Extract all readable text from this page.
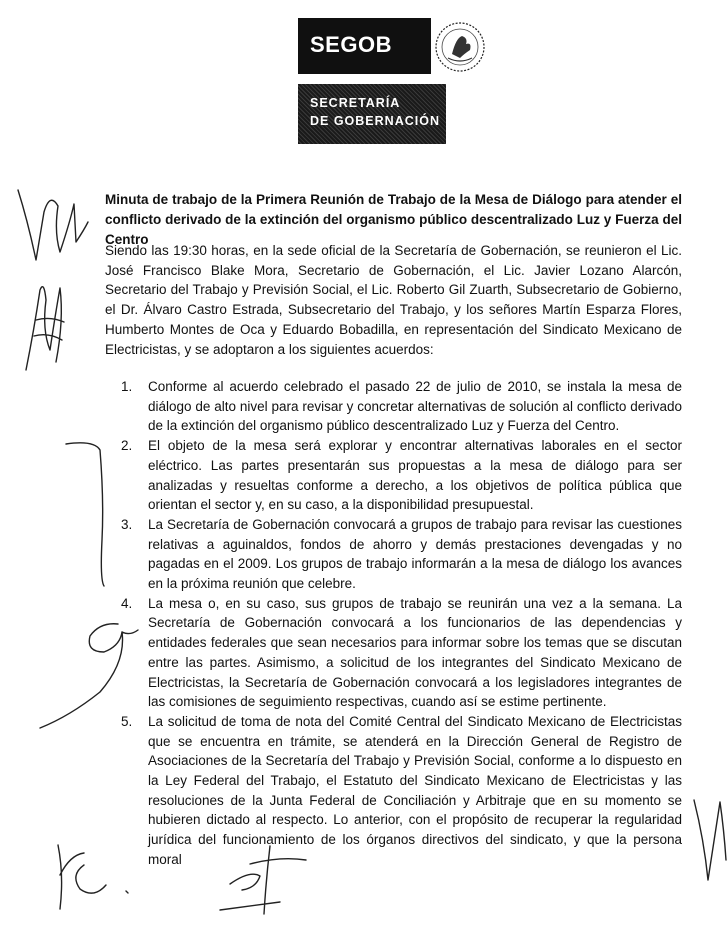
SEGOB
SECRETARÍA
DE GOBERNACIÓN

Minuta de trabajo de la Primera Reunión de Trabajo de la Mesa de Diálogo para atender el conflicto derivado de la extinción del organismo público descentralizado Luz y Fuerza del Centro

Siendo las 19:30 horas, en la sede oficial de la Secretaría de Gobernación, se reunieron el Lic. José Francisco Blake Mora, Secretario de Gobernación, el Lic. Javier Lozano Alarcón, Secretario del Trabajo y Previsión Social, el Lic. Roberto Gil Zuarth, Subsecretario de Gobierno, el Dr. Álvaro Castro Estrada, Subsecretario del Trabajo, y los señores Martín Esparza Flores, Humberto Montes de Oca y Eduardo Bobadilla, en representación del Sindicato Mexicano de Electricistas, y se adoptaron a los siguientes acuerdos:

1. Conforme al acuerdo celebrado el pasado 22 de julio de 2010, se instala la mesa de diálogo de alto nivel para revisar y concretar alternativas de solución al conflicto derivado de la extinción del organismo público descentralizado Luz y Fuerza del Centro.

2. El objeto de la mesa será explorar y encontrar alternativas laborales en el sector eléctrico. Las partes presentarán sus propuestas a la mesa de diálogo para ser analizadas y resueltas conforme a derecho, a los objetivos de política pública que orientan el sector y, en su caso, a la disponibilidad presupuestal.

3. La Secretaría de Gobernación convocará a grupos de trabajo para revisar las cuestiones relativas a aguinaldos, fondos de ahorro y demás prestaciones devengadas y no pagadas en el 2009. Los grupos de trabajo informarán a la mesa de diálogo los avances en la próxima reunión que celebre.

4. La mesa o, en su caso, sus grupos de trabajo se reunirán una vez a la semana. La Secretaría de Gobernación convocará a los funcionarios de las dependencias y entidades federales que sean necesarios para informar sobre los temas que se discutan entre las partes. Asimismo, a solicitud de los integrantes del Sindicato Mexicano de Electricistas, la Secretaría de Gobernación convocará a los legisladores integrantes de las comisiones de seguimiento respectivas, cuando así se estime pertinente.

5. La solicitud de toma de nota del Comité Central del Sindicato Mexicano de Electricistas que se encuentra en trámite, se atenderá en la Dirección General de Registro de Asociaciones de la Secretaría del Trabajo y Previsión Social, conforme a lo dispuesto en la Ley Federal del Trabajo, el Estatuto del Sindicato Mexicano de Electricistas y las resoluciones de la Junta Federal de Conciliación y Arbitraje que en su momento se hubieren dictado al respecto. Lo anterior, con el propósito de recuperar la regularidad jurídica del funcionamiento de los órganos directivos del sindicato, y que la persona moral
